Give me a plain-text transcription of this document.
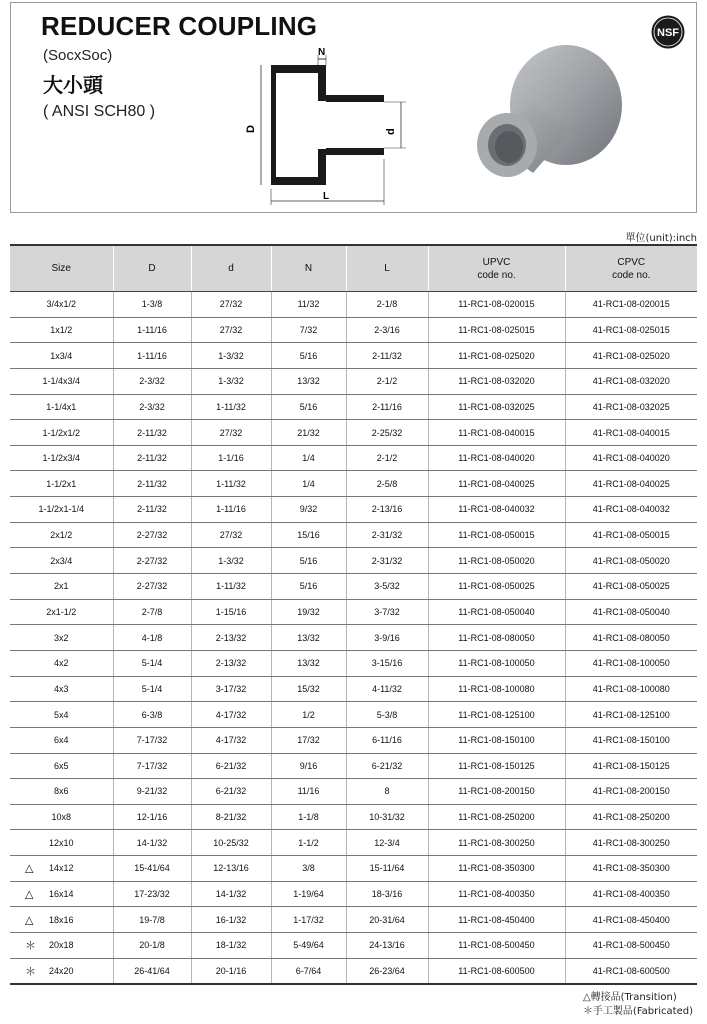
REDUCER COUPLING
(SocxSoc)
大小頭
( ANSI SCH80 )
N
D	d
L
NSF
單位(unit):inch
Size	D	d	N	L	UPVC
code no.	CPVC
code no.
3/4x1/2	1-3/8	27/32	11/32	2-1/8	11-RC1-08-020015	41-RC1-08-020015
1x1/2	1-11/16	27/32	7/32	2-3/16	11-RC1-08-025015	41-RC1-08-025015
1x3/4	1-11/16	1-3/32	5/16	2-11/32	11-RC1-08-025020	41-RC1-08-025020
1-1/4x3/4	2-3/32	1-3/32	13/32	2-1/2	11-RC1-08-032020	41-RC1-08-032020
1-1/4x1	2-3/32	1-11/32	5/16	2-11/16	11-RC1-08-032025	41-RC1-08-032025
1-1/2x1/2	2-11/32	27/32	21/32	2-25/32	11-RC1-08-040015	41-RC1-08-040015
1-1/2x3/4	2-11/32	1-1/16	1/4	2-1/2	11-RC1-08-040020	41-RC1-08-040020
1-1/2x1	2-11/32	1-11/32	1/4	2-5/8	11-RC1-08-040025	41-RC1-08-040025
1-1/2x1-1/4	2-11/32	1-11/16	9/32	2-13/16	11-RC1-08-040032	41-RC1-08-040032
2x1/2	2-27/32	27/32	15/16	2-31/32	11-RC1-08-050015	41-RC1-08-050015
2x3/4	2-27/32	1-3/32	5/16	2-31/32	11-RC1-08-050020	41-RC1-08-050020
2x1	2-27/32	1-11/32	5/16	3-5/32	11-RC1-08-050025	41-RC1-08-050025
2x1-1/2	2-7/8	1-15/16	19/32	3-7/32	11-RC1-08-050040	41-RC1-08-050040
3x2	4-1/8	2-13/32	13/32	3-9/16	11-RC1-08-080050	41-RC1-08-080050
4x2	5-1/4	2-13/32	13/32	3-15/16	11-RC1-08-100050	41-RC1-08-100050
4x3	5-1/4	3-17/32	15/32	4-11/32	11-RC1-08-100080	41-RC1-08-100080
5x4	6-3/8	4-17/32	1/2	5-3/8	11-RC1-08-125100	41-RC1-08-125100
6x4	7-17/32	4-17/32	17/32	6-11/16	11-RC1-08-150100	41-RC1-08-150100
6x5	7-17/32	6-21/32	9/16	6-21/32	11-RC1-08-150125	41-RC1-08-150125
8x6	9-21/32	6-21/32	11/16	8	11-RC1-08-200150	41-RC1-08-200150
10x8	12-1/16	8-21/32	1-1/8	10-31/32	11-RC1-08-250200	41-RC1-08-250200
12x10	14-1/32	10-25/32	1-1/2	12-3/4	11-RC1-08-300250	41-RC1-08-300250

△ 14x12	15-41/64	12-13/16	3/8	15-11/64	11-RC1-08-350300	41-RC1-08-350300

△ 16x14	17-23/32	14-1/32	1-19/64	18-3/16	11-RC1-08-400350	41-RC1-08-400350

△ 18x16	19-7/8	16-1/32	1-17/32	20-31/64	11-RC1-08-450400	41-RC1-08-450400

＊ 20x18	20-1/8	18-1/32	5-49/64	24-13/16	11-RC1-08-500450	41-RC1-08-500450

＊ 24x20	26-41/64	20-1/16	6-7/64	26-23/64	11-RC1-08-600500	41-RC1-08-600500
△轉接品(Transition)
＊手工製品(Fabricated)
